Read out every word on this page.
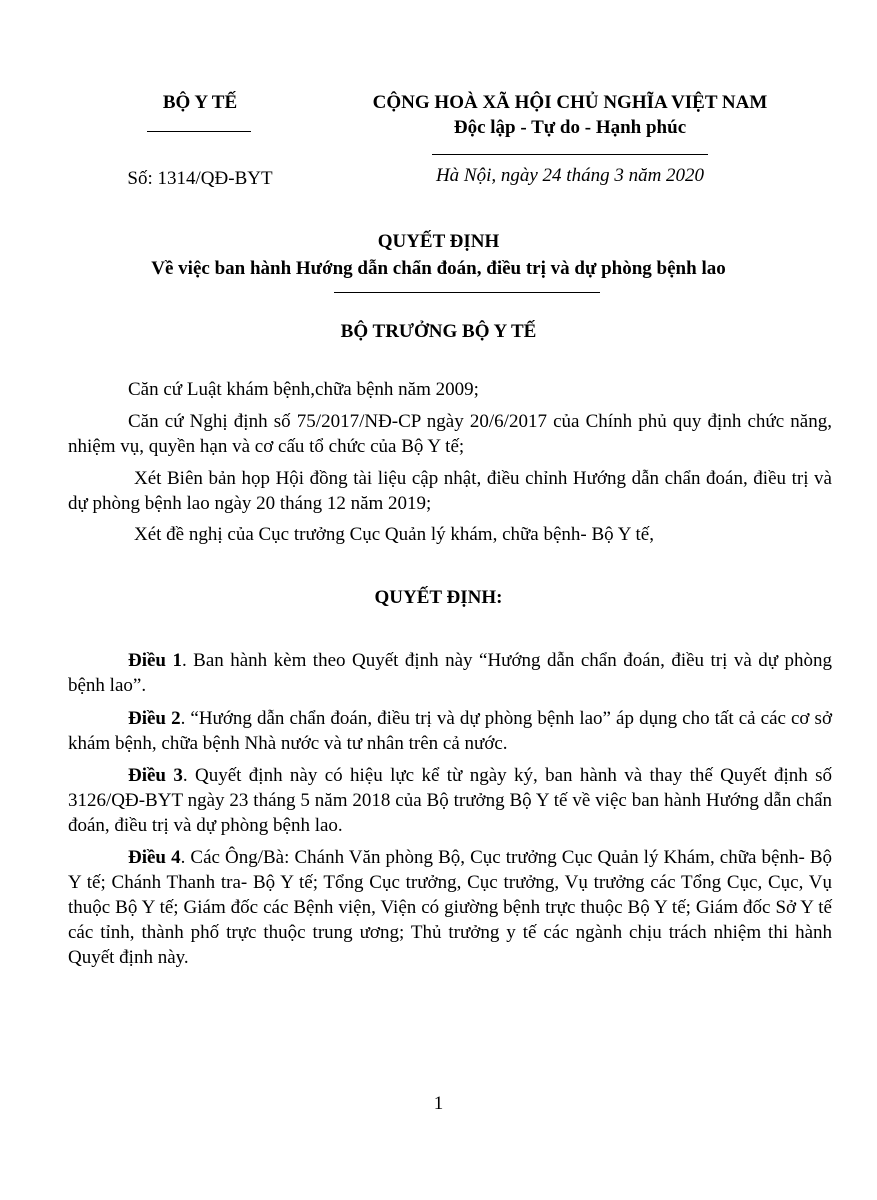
BỘ Y TẾ
Số: 1314/QĐ-BYT
CỘNG HOÀ XÃ HỘI CHỦ NGHĨA VIỆT NAM
Độc lập - Tự do - Hạnh phúc
Hà Nội, ngày 24 tháng 3 năm 2020
QUYẾT ĐỊNH
Về việc ban hành Hướng dẫn chẩn đoán, điều trị và dự phòng bệnh lao
BỘ TRƯỞNG BỘ Y TẾ
Căn cứ Luật khám bệnh,chữa bệnh năm 2009;
Căn cứ Nghị định số 75/2017/NĐ-CP ngày 20/6/2017 của Chính phủ quy định chức năng, nhiệm vụ, quyền hạn và cơ cấu tổ chức của Bộ Y tế;
Xét Biên bản họp Hội đồng tài liệu cập nhật, điều chỉnh Hướng dẫn chẩn đoán, điều trị và dự phòng bệnh lao ngày 20 tháng 12 năm 2019;
Xét đề nghị của Cục trưởng Cục Quản lý khám, chữa bệnh- Bộ Y tế,
QUYẾT ĐỊNH:
Điều 1. Ban hành kèm theo Quyết định này “Hướng dẫn chẩn đoán, điều trị và dự phòng bệnh lao”.
Điều 2. “Hướng dẫn chẩn đoán, điều trị và dự phòng bệnh lao” áp dụng cho tất cả các cơ sở khám bệnh, chữa bệnh Nhà nước và tư nhân trên cả nước.
Điều 3. Quyết định này có hiệu lực kể từ ngày ký, ban hành và thay thế Quyết định số 3126/QĐ-BYT ngày 23 tháng 5 năm 2018 của Bộ trưởng Bộ Y tế về việc ban hành Hướng dẫn chẩn đoán, điều trị và dự phòng bệnh lao.
Điều 4. Các Ông/Bà: Chánh Văn phòng Bộ, Cục trưởng Cục Quản lý Khám, chữa bệnh- Bộ Y tế; Chánh Thanh tra- Bộ Y tế; Tổng Cục trưởng, Cục trưởng, Vụ trưởng các Tổng Cục, Cục, Vụ thuộc Bộ Y tế; Giám đốc các Bệnh viện, Viện có giường bệnh trực thuộc Bộ Y tế; Giám đốc Sở Y tế các tỉnh, thành phố trực thuộc trung ương; Thủ trưởng y tế các ngành chịu trách nhiệm thi hành Quyết định này.
1
